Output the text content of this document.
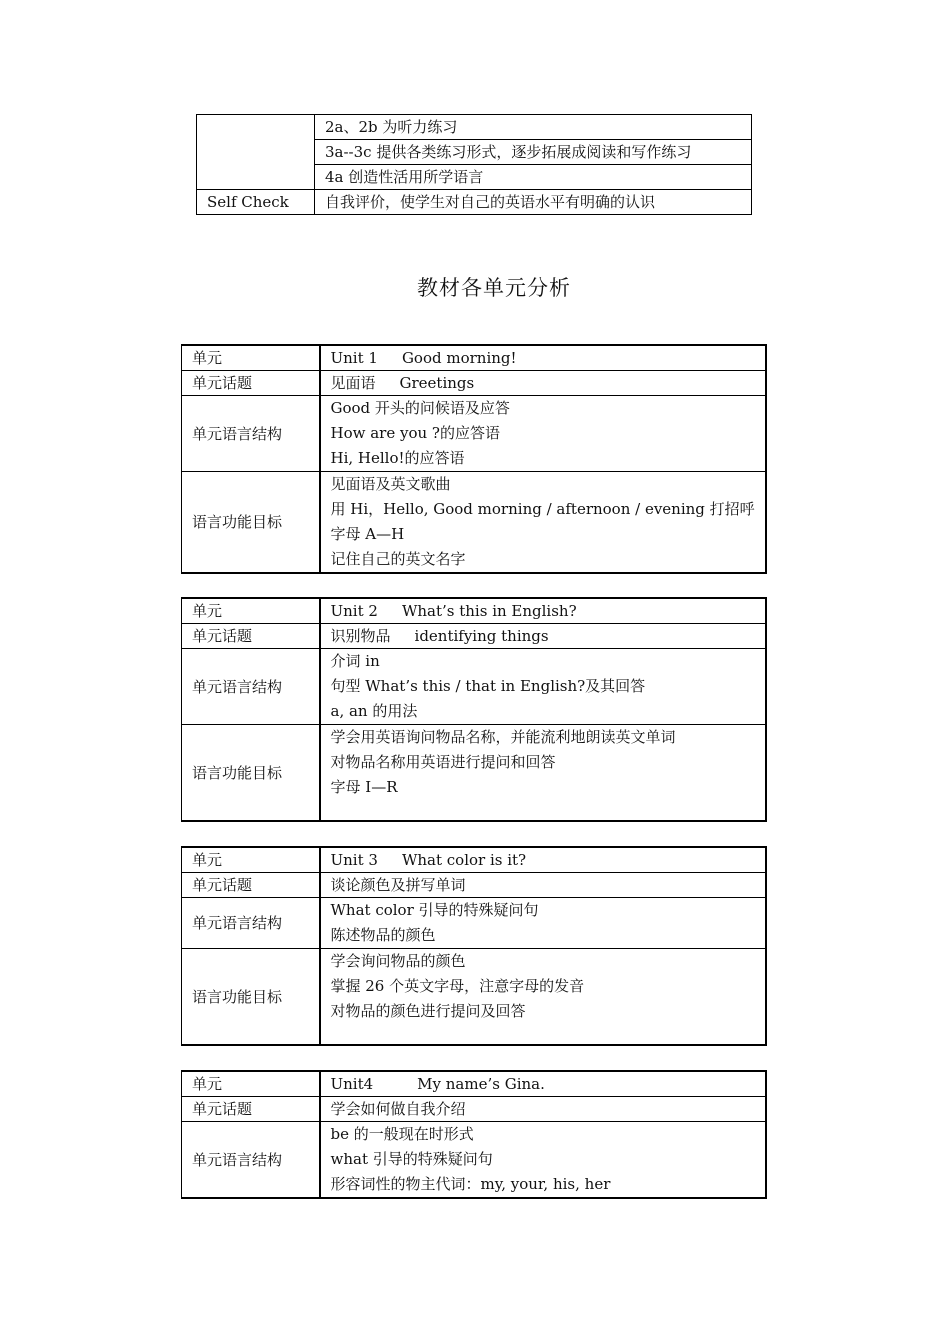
	2a、2b 为听力练习
	3a--3c 提供各类练习形式，逐步拓展成阅读和写作练习
	4a 创造性活用所学语言
Self Check	自我评价，使学生对自己的英语水平有明确的认识
教材各单元分析
单元	Unit 1 Good morning!
单元话题	见面语 Greetings
单元语言结构	Good 开头的问候语及应答
How are you ?的应答语
Hi, Hello!的应答语

语言功能目标	见面语及英文歌曲
用 Hi，Hello, Good morning / afternoon / evening 打招呼
字母 A—H
记住自己的英文名字
单元	Unit 2 What’s this in English?
单元话题	识别物品 identifying things
单元语言结构	介词 in
句型 What’s this / that in English?及其回答
a, an 的用法

语言功能目标	学会用英语询问物品名称，并能流利地朗读英文单词
对物品名称用英语进行提问和回答
字母 I—R
单元	Unit 3 What color is it?
单元话题	谈论颜色及拼写单词
单元语言结构	What color 引导的特殊疑问句
陈述物品的颜色

语言功能目标	学会询问物品的颜色
掌握 26 个英文字母，注意字母的发音
对物品的颜色进行提问及回答
单元	Unit4 My name’s Gina.
单元话题	学会如何做自我介绍
单元语言结构	be 的一般现在时形式
what 引导的特殊疑问句
形容词性的物主代词：my, your, his, her
